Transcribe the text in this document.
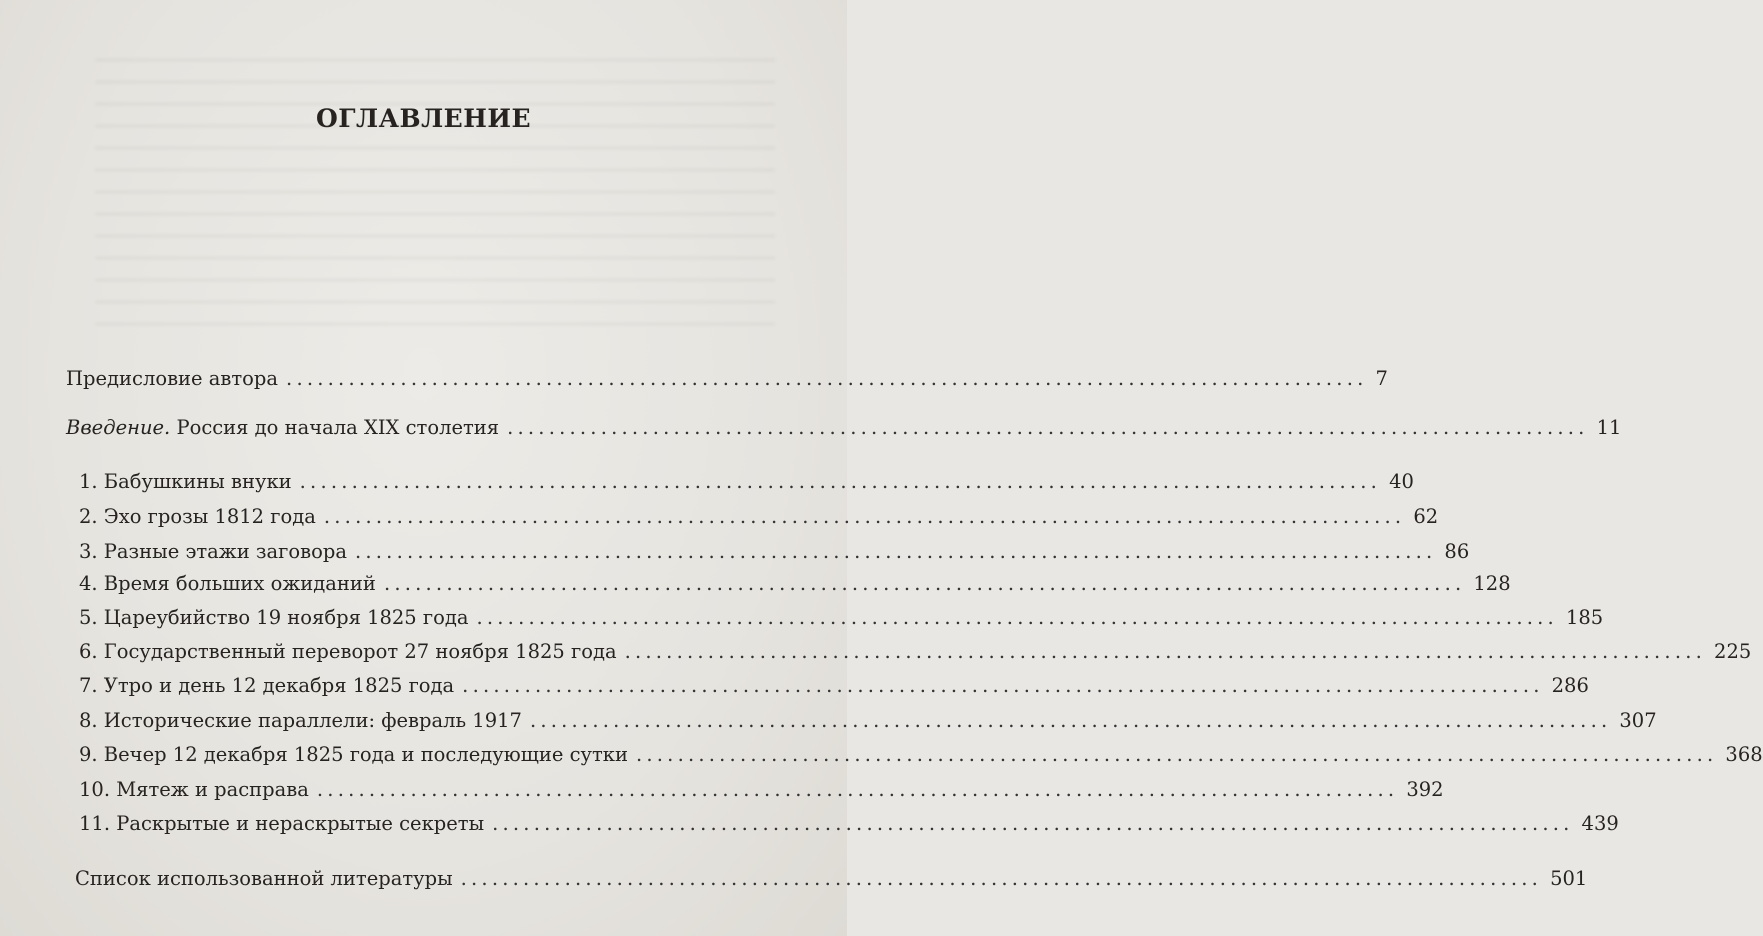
ОГЛАВЛЕНИЕ
Предисловие автора ........................................................................................................ 7
Введение. Россия до начала XIX столетия ........................................................................................................ 11
1. Бабушкины внуки ........................................................................................................ 40
2. Эхо грозы 1812 года ........................................................................................................ 62
3. Разные этажи заговора ........................................................................................................ 86
4. Время больших ожиданий ........................................................................................................ 128
5. Цареубийство 19 ноября 1825 года ........................................................................................................ 185
6. Государственный переворот 27 ноября 1825 года ........................................................................................................ 225
7. Утро и день 12 декабря 1825 года ........................................................................................................ 286
8. Исторические параллели: февраль 1917 ........................................................................................................ 307
9. Вечер 12 декабря 1825 года и последующие сутки ........................................................................................................ 368
10. Мятеж и расправа ........................................................................................................ 392
11. Раскрытые и нераскрытые секреты ........................................................................................................ 439
Список использованной литературы ........................................................................................................ 501
